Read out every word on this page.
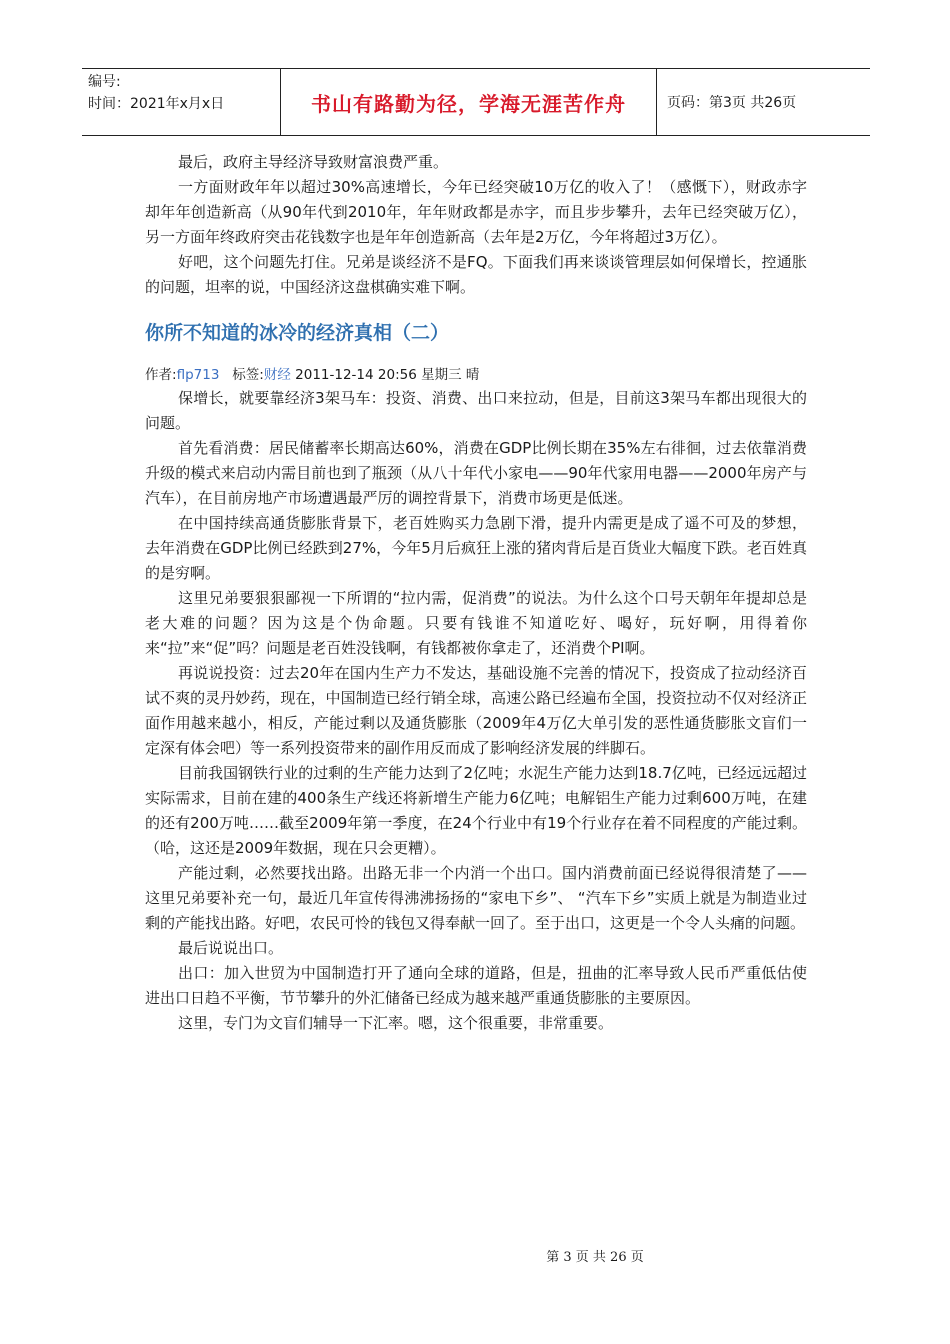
编号:
时间：2021年x月x日	书山有路勤为径，学海无涯苦作舟	页码：第3页 共26页

最后，政府主导经济导致财富浪费严重。

一方面财政年年以超过30%高速增长，今年已经突破10万亿的收入了！（感慨下），财政赤字却年年创造新高（从90年代到2010年，年年财政都是赤字，而且步步攀升，去年已经突破万亿），另一方面年终政府突击花钱数字也是年年创造新高（去年是2万亿，今年将超过3万亿）。

好吧，这个问题先打住。兄弟是谈经济不是FQ。下面我们再来谈谈管理层如何保增长，控通胀的问题，坦率的说，中国经济这盘棋确实难下啊。

你所不知道的冰冷的经济真相（二）
作者:flp713 标签:财经 2011-12-14 20:56 星期三 晴

保增长，就要靠经济3架马车：投资、消费、出口来拉动，但是，目前这3架马车都出现很大的问题。

首先看消费：居民储蓄率长期高达60%，消费在GDP比例长期在35%左右徘徊，过去依靠消费升级的模式来启动内需目前也到了瓶颈（从八十年代小家电——90年代家用电器——2000年房产与汽车），在目前房地产市场遭遇最严厉的调控背景下，消费市场更是低迷。

在中国持续高通货膨胀背景下，老百姓购买力急剧下滑，提升内需更是成了遥不可及的梦想，去年消费在GDP比例已经跌到27%，今年5月后疯狂上涨的猪肉背后是百货业大幅度下跌。老百姓真的是穷啊。

这里兄弟要狠狠鄙视一下所谓的“拉内需，促消费”的说法。为什么这个口号天朝年年提却总是老大难的问题？因为这是个伪命题。只要有钱谁不知道吃好、喝好，玩好啊，用得着你来“拉”来“促”吗？问题是老百姓没钱啊，有钱都被你拿走了，还消费个PI啊。

再说说投资：过去20年在国内生产力不发达，基础设施不完善的情况下，投资成了拉动经济百试不爽的灵丹妙药，现在，中国制造已经行销全球，高速公路已经遍布全国，投资拉动不仅对经济正面作用越来越小，相反，产能过剩以及通货膨胀（2009年4万亿大单引发的恶性通货膨胀文盲们一定深有体会吧）等一系列投资带来的副作用反而成了影响经济发展的绊脚石。

目前我国钢铁行业的过剩的生产能力达到了2亿吨；水泥生产能力达到18.7亿吨，已经远远超过实际需求，目前在建的400条生产线还将新增生产能力6亿吨；电解铝生产能力过剩600万吨，在建的还有200万吨……截至2009年第一季度，在24个行业中有19个行业存在着不同程度的产能过剩。（哈，这还是2009年数据，现在只会更糟）。

产能过剩，必然要找出路。出路无非一个内消一个出口。国内消费前面已经说得很清楚了——这里兄弟要补充一句，最近几年宣传得沸沸扬扬的“家电下乡”、 “汽车下乡”实质上就是为制造业过剩的产能找出路。好吧，农民可怜的钱包又得奉献一回了。至于出口，这更是一个令人头痛的问题。

最后说说出口。

出口：加入世贸为中国制造打开了通向全球的道路，但是，扭曲的汇率导致人民币严重低估使进出口日趋不平衡，节节攀升的外汇储备已经成为越来越严重通货膨胀的主要原因。

这里，专门为文盲们辅导一下汇率。嗯，这个很重要，非常重要。

第 3 页 共 26 页
